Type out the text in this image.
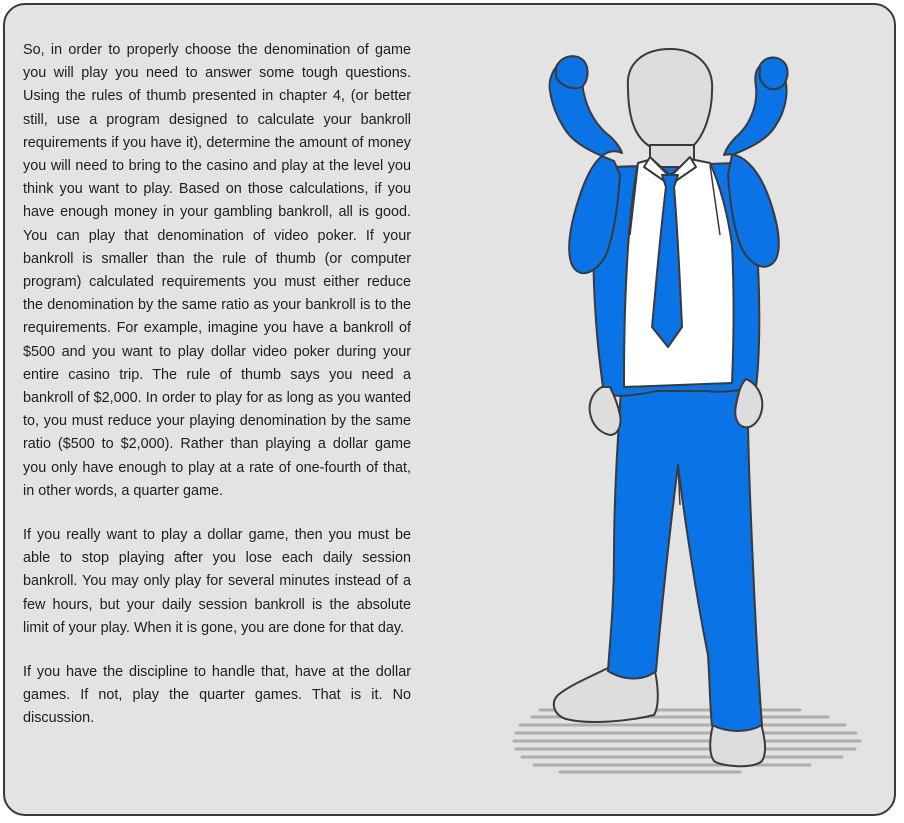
So, in order to properly choose the denomination of game you will play you need to answer some tough questions. Using the rules of thumb presented in chapter 4, (or better still, use a program designed to calculate your bankroll requirements if you have it), determine the amount of money you will need to bring to the casino and play at the level you think you want to play. Based on those calculations, if you have enough money in your gambling bankroll, all is good. You can play that denomination of video poker. If your bankroll is smaller than the rule of thumb (or computer program) calculated requirements you must either reduce the denomination by the same ratio as your bankroll is to the requirements. For example, imagine you have a bankroll of $500 and you want to play dollar video poker during your entire casino trip. The rule of thumb says you need a bankroll of $2,000. In order to play for as long as you wanted to, you must reduce your playing denomination by the same ratio ($500 to $2,000). Rather than playing a dollar game you only have enough to play at a rate of one-fourth of that, in other words, a quarter game.

If you really want to play a dollar game, then you must be able to stop playing after you lose each daily session bankroll. You may only play for several minutes instead of a few hours, but your daily session bankroll is the absolute limit of your play. When it is gone, you are done for that day.

If you have the discipline to handle that, have at the dollar games. If not, play the quarter games. That is it. No discussion.
